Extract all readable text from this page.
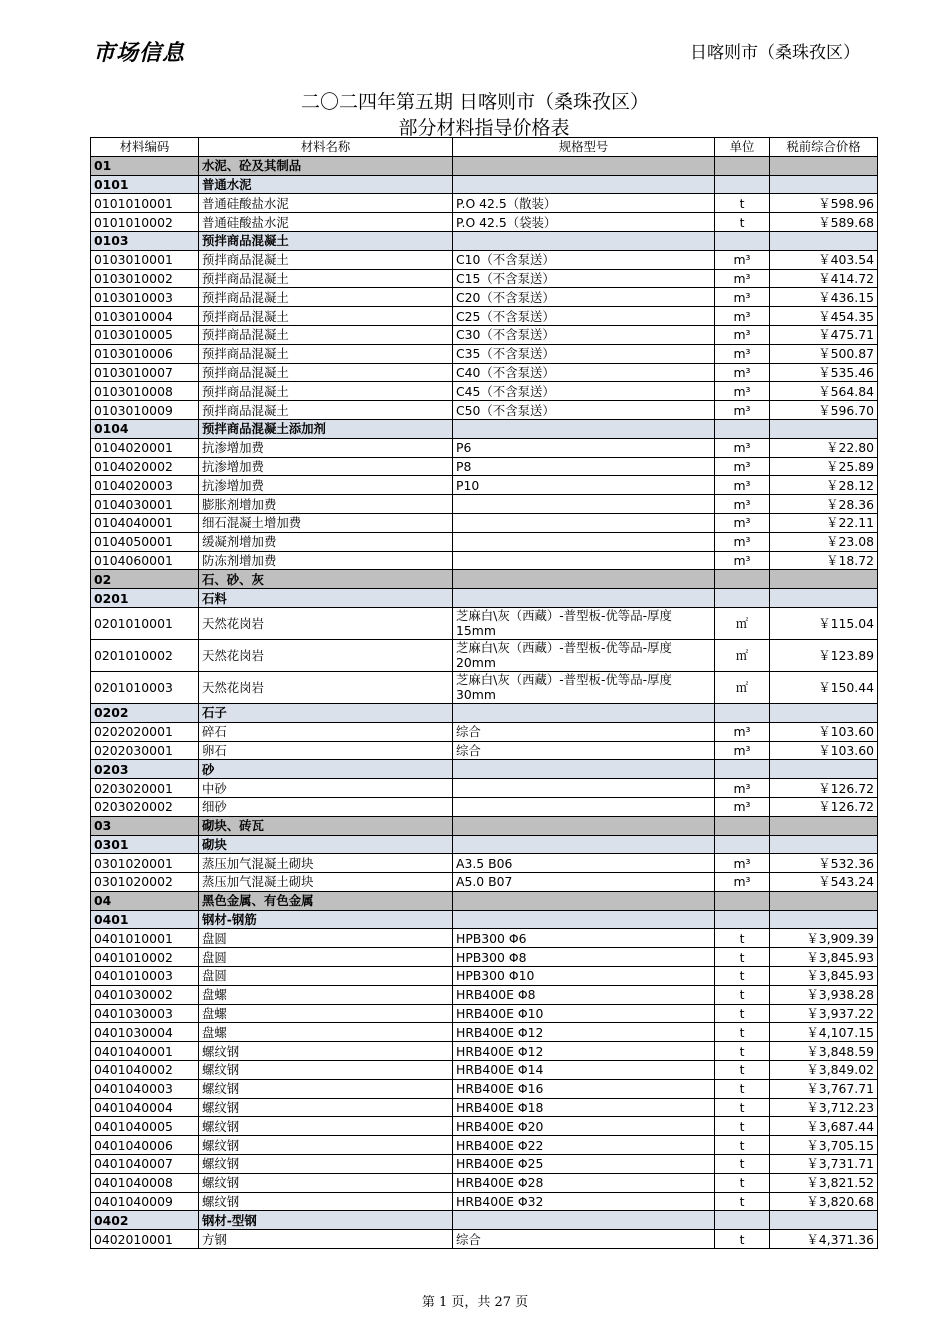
市场信息	日喀则市（桑珠孜区）
二〇二四年第五期 日喀则市（桑珠孜区）
部分材料指导价格表
材料编码	材料名称	规格型号	单位	税前综合价格
01	水泥、砼及其制品			
0101	普通水泥			
0101010001	普通硅酸盐水泥	P.O 42.5（散装）	t	￥598.96
0101010002	普通硅酸盐水泥	P.O 42.5（袋装）	t	￥589.68
0103	预拌商品混凝土			
0103010001	预拌商品混凝土	C10（不含泵送）	m³	￥403.54
0103010002	预拌商品混凝土	C15（不含泵送）	m³	￥414.72
0103010003	预拌商品混凝土	C20（不含泵送）	m³	￥436.15
0103010004	预拌商品混凝土	C25（不含泵送）	m³	￥454.35
0103010005	预拌商品混凝土	C30（不含泵送）	m³	￥475.71
0103010006	预拌商品混凝土	C35（不含泵送）	m³	￥500.87
0103010007	预拌商品混凝土	C40（不含泵送）	m³	￥535.46
0103010008	预拌商品混凝土	C45（不含泵送）	m³	￥564.84
0103010009	预拌商品混凝土	C50（不含泵送）	m³	￥596.70
0104	预拌商品混凝土添加剂			
0104020001	抗渗增加费	P6	m³	￥22.80
0104020002	抗渗增加费	P8	m³	￥25.89
0104020003	抗渗增加费	P10	m³	￥28.12
0104030001	膨胀剂增加费		m³	￥28.36
0104040001	细石混凝土增加费		m³	￥22.11
0104050001	缓凝剂增加费		m³	￥23.08
0104060001	防冻剂增加费		m³	￥18.72
02	石、砂、灰			
0201	石料			
0201010001	天然花岗岩	芝麻白\灰（西藏）-普型板-优等品-厚度15mm	㎡	￥115.04
0201010002	天然花岗岩	芝麻白\灰（西藏）-普型板-优等品-厚度 20mm	㎡	￥123.89
0201010003	天然花岗岩	芝麻白\灰（西藏）-普型板-优等品-厚度 30mm	㎡	￥150.44
0202	石子			
0202020001	碎石	综合	m³	￥103.60
0202030001	卵石	综合	m³	￥103.60
0203	砂			
0203020001	中砂		m³	￥126.72
0203020002	细砂		m³	￥126.72
03	砌块、砖瓦			
0301	砌块			
0301020001	蒸压加气混凝土砌块	A3.5 B06	m³	￥532.36
0301020002	蒸压加气混凝土砌块	A5.0 B07	m³	￥543.24
04	黑色金属、有色金属			
0401	钢材-钢筋			
0401010001	盘圆	HPB300 Φ6	t	￥3,909.39
0401010002	盘圆	HPB300 Φ8	t	￥3,845.93
0401010003	盘圆	HPB300 Φ10	t	￥3,845.93
0401030002	盘螺	HRB400E Φ8	t	￥3,938.28
0401030003	盘螺	HRB400E Φ10	t	￥3,937.22
0401030004	盘螺	HRB400E Φ12	t	￥4,107.15
0401040001	螺纹钢	HRB400E Φ12	t	￥3,848.59
0401040002	螺纹钢	HRB400E Φ14	t	￥3,849.02
0401040003	螺纹钢	HRB400E Φ16	t	￥3,767.71
0401040004	螺纹钢	HRB400E Φ18	t	￥3,712.23
0401040005	螺纹钢	HRB400E Φ20	t	￥3,687.44
0401040006	螺纹钢	HRB400E Φ22	t	￥3,705.15
0401040007	螺纹钢	HRB400E Φ25	t	￥3,731.71
0401040008	螺纹钢	HRB400E Φ28	t	￥3,821.52
0401040009	螺纹钢	HRB400E Φ32	t	￥3,820.68
0402	钢材-型钢			
0402010001	方钢	综合	t	￥4,371.36
第 1 页，共 27 页
